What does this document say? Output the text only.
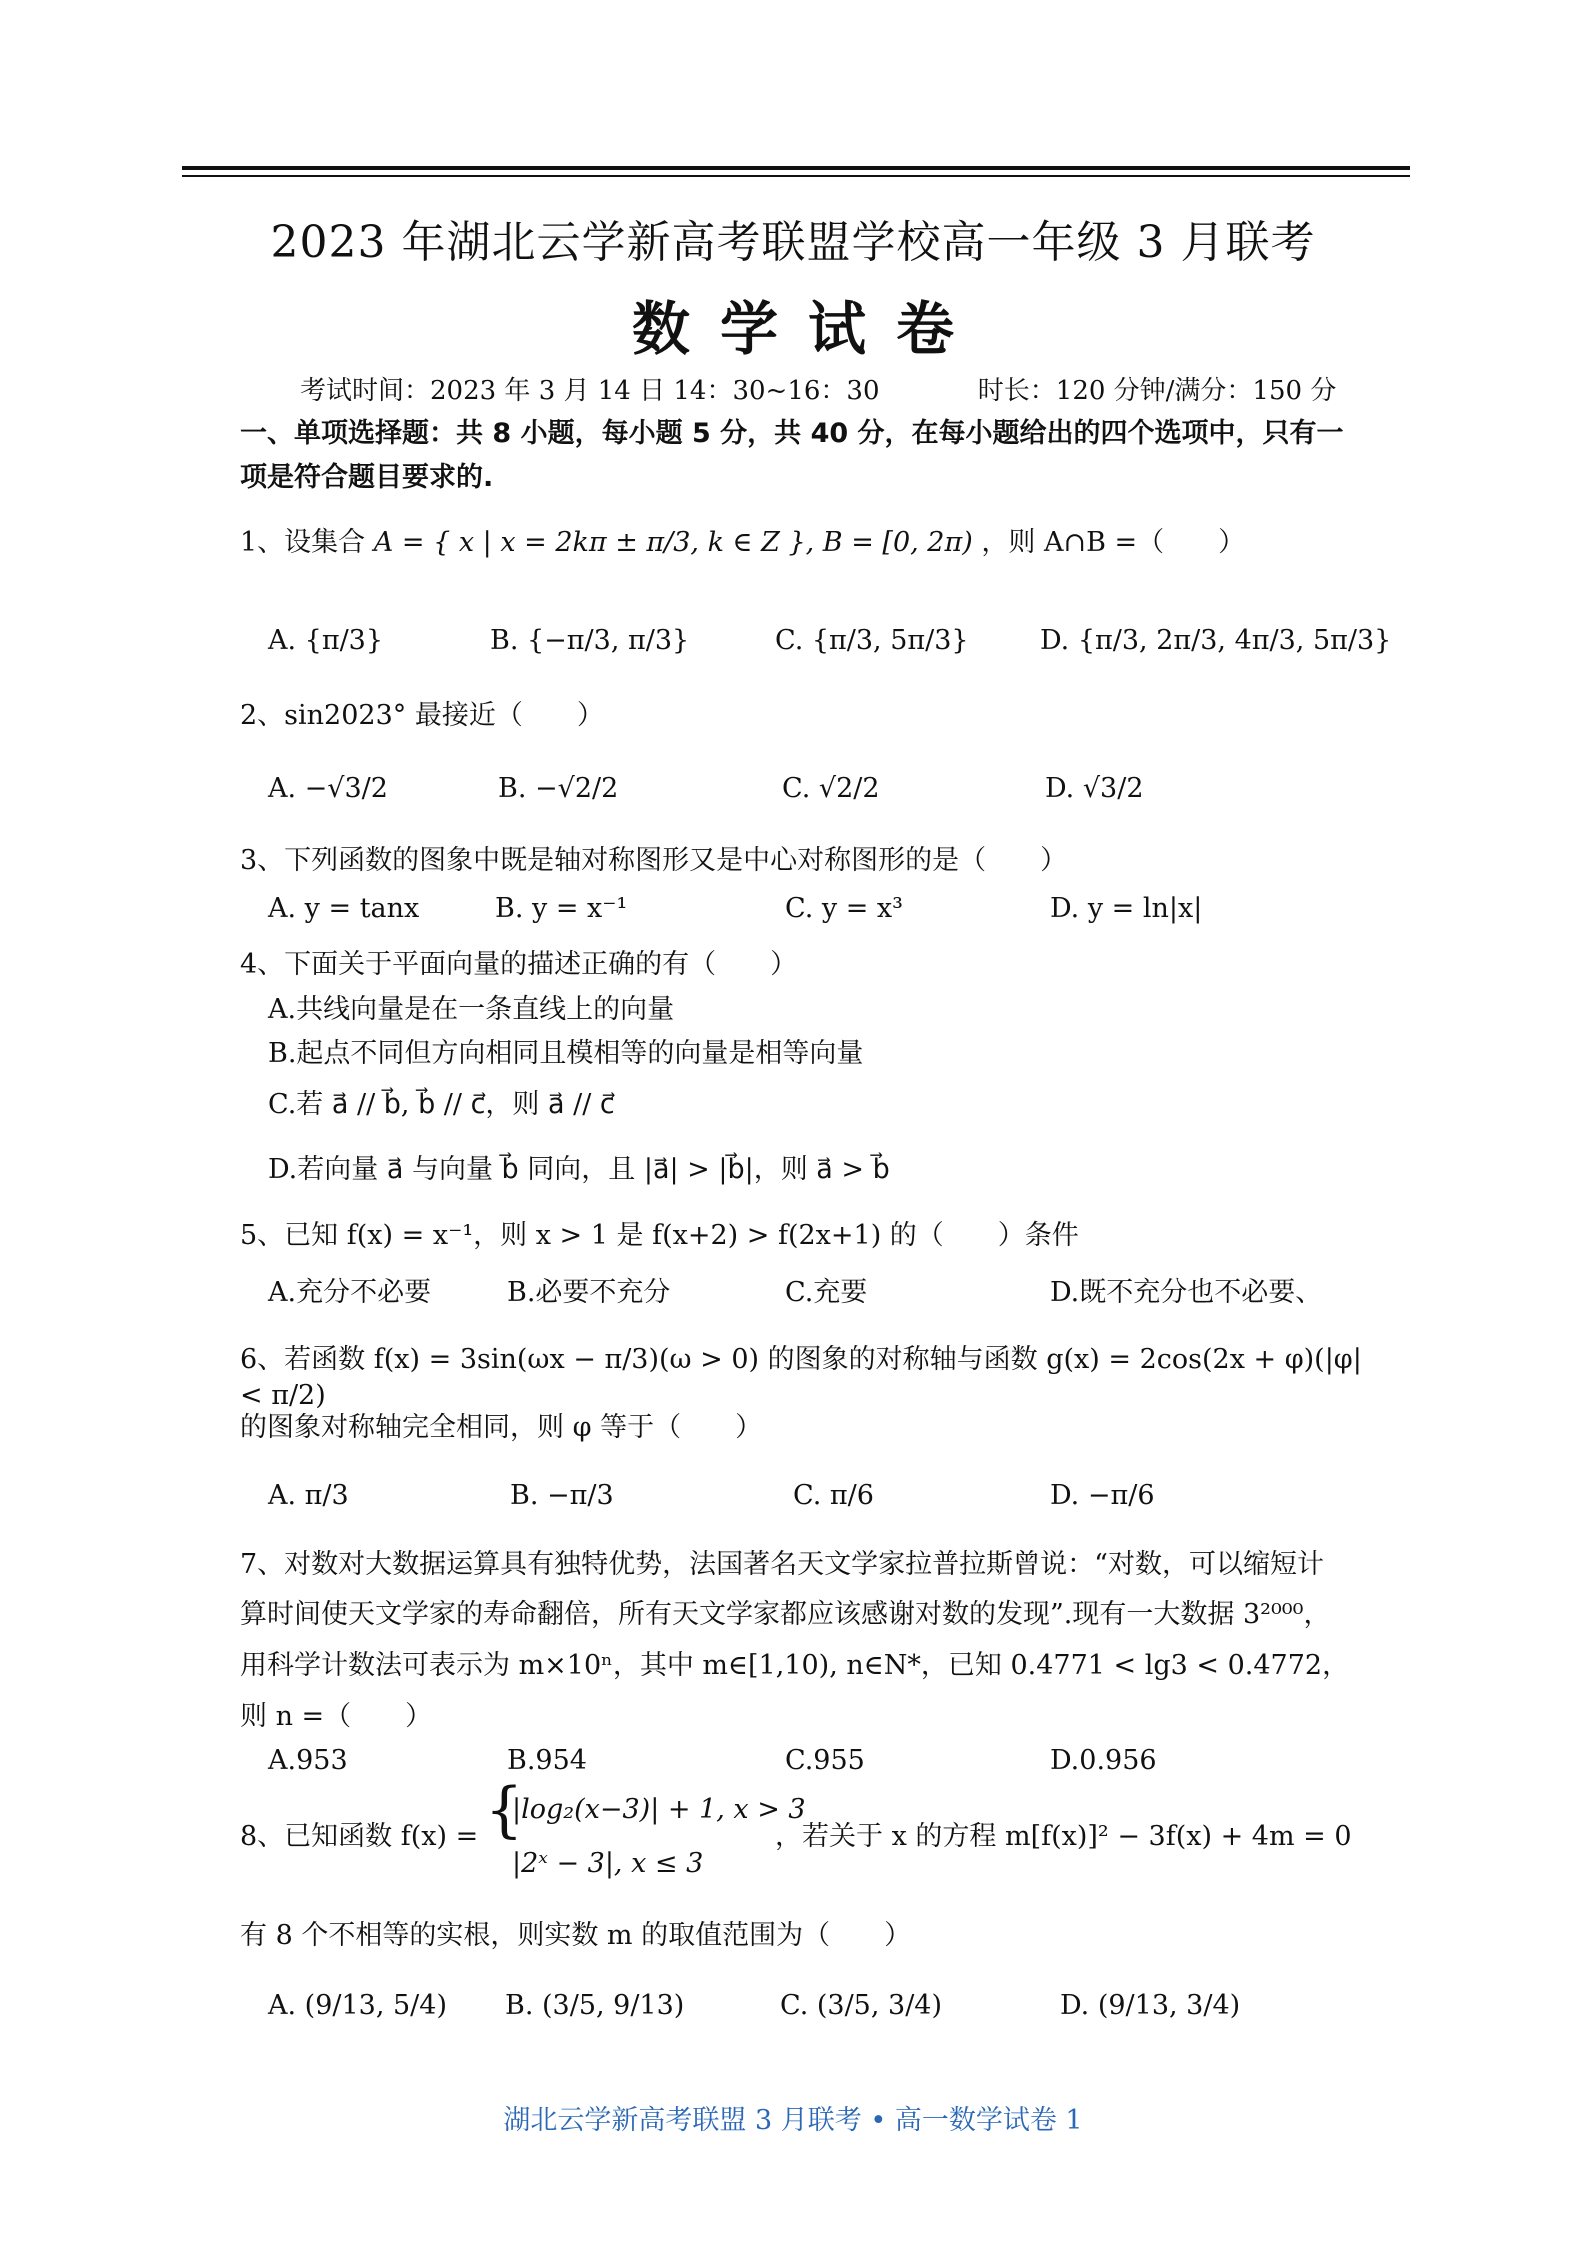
2023 年湖北云学新高考联盟学校高一年级 3 月联考
数学试卷
考试时间：2023 年 3 月 14 日 14：30~16：30	时长：120 分钟/满分：150 分
一、单项选择题：共 8 小题，每小题 5 分，共 40 分，在每小题给出的四个选项中，只有一
项是符合题目要求的.
1、设集合 A = { x | x = 2kπ ± π/3, k ∈ Z }, B = [0, 2π) ，则 A∩B =（　　）
A. {π/3}	B. {−π/3, π/3}	C. {π/3, 5π/3}	D. {π/3, 2π/3, 4π/3, 5π/3}
2、sin2023° 最接近（　　）
A. −√3/2	B. −√2/2	C. √2/2	D. √3/2
3、下列函数的图象中既是轴对称图形又是中心对称图形的是（　　）
A. y = tanx	B. y = x⁻¹	C. y = x³	D. y = ln|x|
4、下面关于平面向量的描述正确的有（　　）
A.共线向量是在一条直线上的向量
B.起点不同但方向相同且模相等的向量是相等向量
C.若 a⃗ // b⃗, b⃗ // c⃗，则 a⃗ // c⃗
D.若向量 a⃗ 与向量 b⃗ 同向，且 |a⃗| > |b⃗|，则 a⃗ > b⃗
5、已知 f(x) = x⁻¹，则 x > 1 是 f(x+2) > f(2x+1) 的（　　）条件
A.充分不必要	B.必要不充分	C.充要	D.既不充分也不必要、
6、若函数 f(x) = 3sin(ωx − π/3)(ω > 0) 的图象的对称轴与函数 g(x) = 2cos(2x + φ)(|φ| < π/2)
的图象对称轴完全相同，则 φ 等于（　　）
A. π/3	B. −π/3	C. π/6	D. −π/6
7、对数对大数据运算具有独特优势，法国著名天文学家拉普拉斯曾说：“对数，可以缩短计
算时间使天文学家的寿命翻倍，所有天文学家都应该感谢对数的发现”.现有一大数据 3²⁰⁰⁰，
用科学计数法可表示为 m×10ⁿ，其中 m∈[1,10), n∈N*，已知 0.4771 < lg3 < 0.4772，
则 n =（　　）
A.953	B.954	C.955	D.0.956
8、已知函数 f(x) = {
|log₂(x−3)| + 1, x > 3
|2ˣ − 3|, x ≤ 3
，若关于 x 的方程 m[f(x)]² − 3f(x) + 4m = 0
有 8 个不相等的实根，则实数 m 的取值范围为（　　）
A. (9/13, 5/4) B. (3/5, 9/13)	C. (3/5, 3/4)	D. (9/13, 3/4)
湖北云学新高考联盟 3 月联考 • 高一数学试卷 1
